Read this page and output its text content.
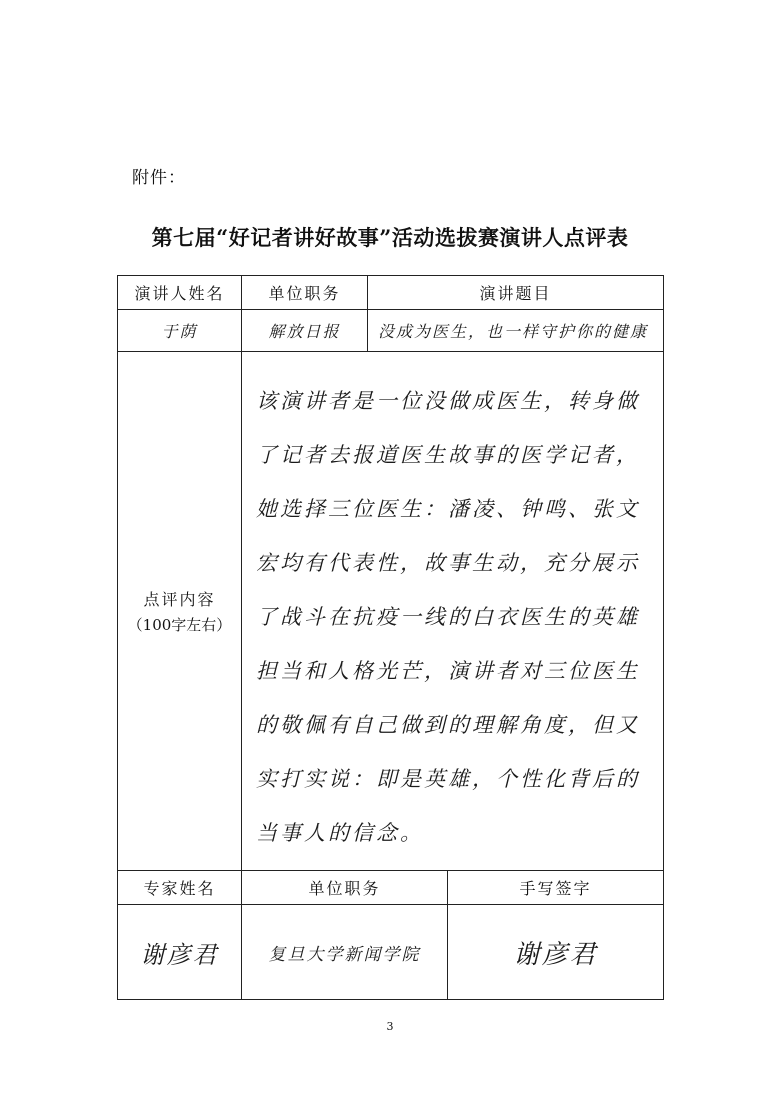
附件：
第七届“好记者讲好故事”活动选拔赛演讲人点评表
演讲人姓名	单位职务	演讲题目	
于荫	解放日报	没成为医生，也一样守护你的健康	

点评内容
（100字左右）	该演讲者是一位没做成医生，转身做了记者去报道医生故事的医学记者，她选择三位医生：潘凌、钟鸣、张文宏均有代表性，故事生动，充分展示了战斗在抗疫一线的白衣医生的英雄担当和人格光芒，演讲者对三位医生的敬佩有自己做到的理解角度，但又实打实说：即是英雄，个性化背后的当事人的信念。		

专家姓名	单位职务		手写签字
谢彦君	复旦大学新闻学院		谢彦君
3
